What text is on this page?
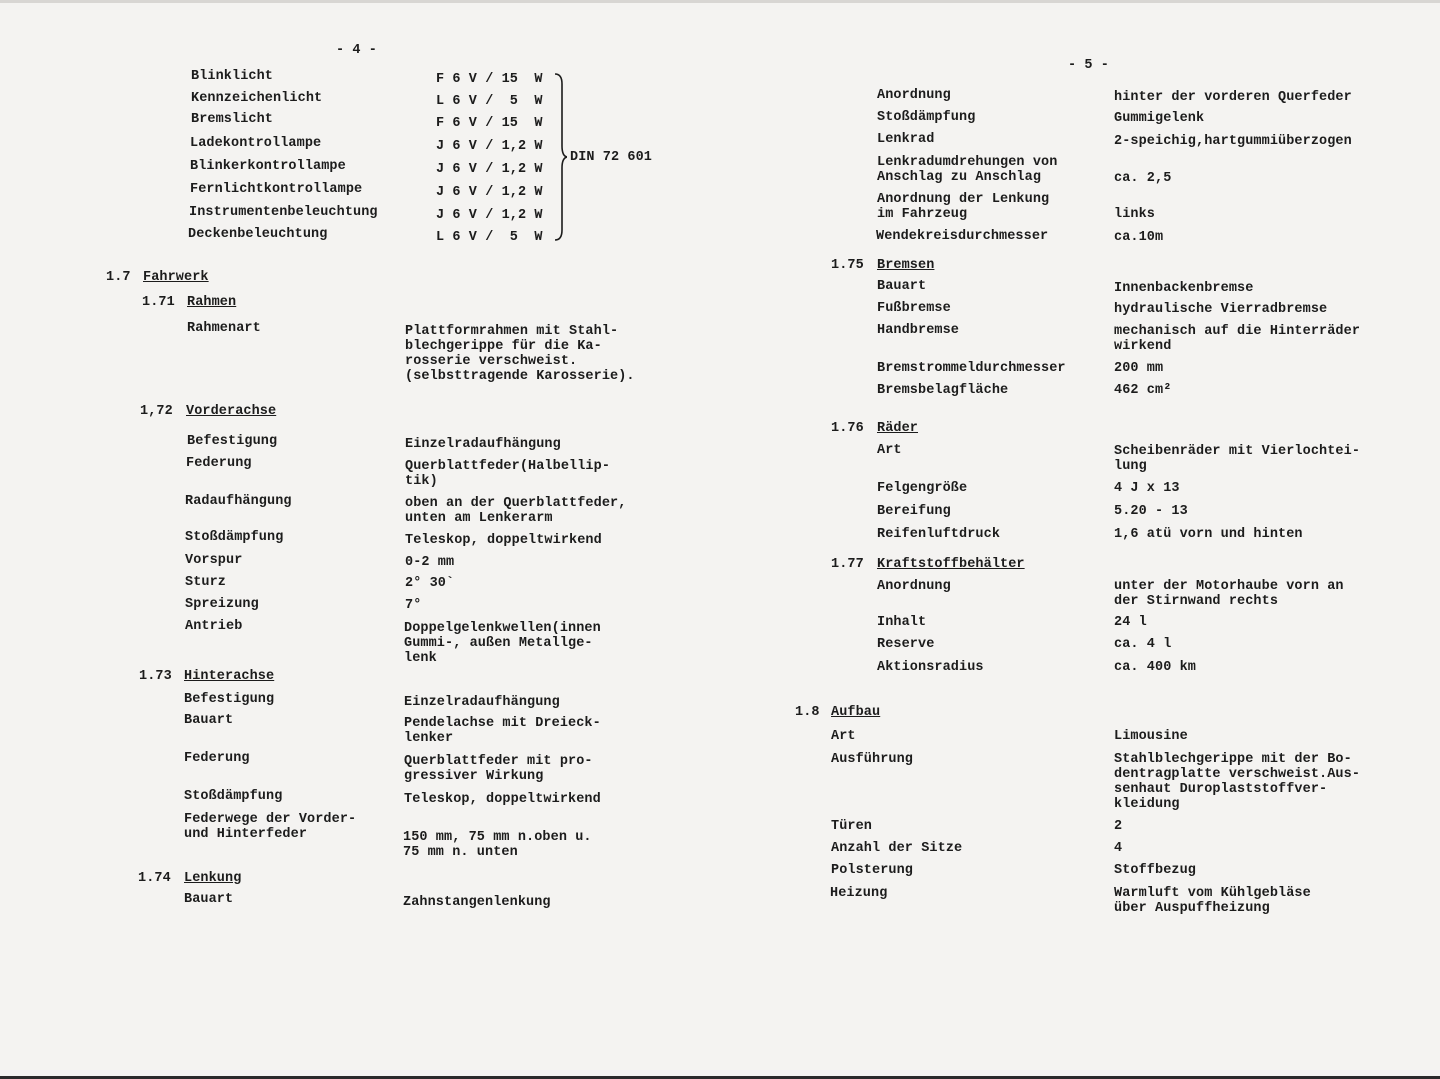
- 4 -
Blinklicht	F 6 V / 15  W
Kennzeichenlicht	L 6 V /  5  W
Bremslicht	F 6 V / 15  W
Ladekontrollampe	J 6 V / 1,2 W
Blinkerkontrollampe	J 6 V / 1,2 W
Fernlichtkontrollampe	J 6 V / 1,2 W
Instrumentenbeleuchtung	J 6 V / 1,2 W
Deckenbeleuchtung	L 6 V /  5  W
DIN 72 601
1.7 Fahrwerk
1.71 Rahmen
Rahmenart	Plattformrahmen mit Stahl-
blechgerippe für die Ka-
rosserie verschweist.
(selbsttragende Karosserie).
1,72 Vorderachse
Befestigung	Einzelradaufhängung
Federung	Querblattfeder(Halbellip-
tik)
Radaufhängung	oben an der Querblattfeder,
unten am Lenkerarm
Stoßdämpfung	Teleskop, doppeltwirkend
Vorspur	0-2 mm
Sturz	2° 30`
Spreizung	7°
Antrieb	Doppelgelenkwellen(innen
Gummi-, außen Metallge-
lenk
1.73 Hinterachse
Befestigung	Einzelradaufhängung
Bauart	Pendelachse mit Dreieck-
lenker
Federung	Querblattfeder mit pro-
gressiver Wirkung
Stoßdämpfung	Teleskop, doppeltwirkend
Federwege der Vorder-
und Hinterfeder	150 mm, 75 mm n.oben u.
75 mm n. unten
1.74 Lenkung
Bauart	Zahnstangenlenkung
- 5 -
Anordnung	hinter der vorderen Querfeder
Stoßdämpfung	Gummigelenk
Lenkrad	2-speichig,hartgummiüberzogen
Lenkradumdrehungen von
Anschlag zu Anschlag	ca. 2,5
Anordnung der Lenkung
im Fahrzeug	links
Wendekreisdurchmesser	ca.10m
1.75 Bremsen
Bauart	Innenbackenbremse
Fußbremse	hydraulische Vierradbremse
Handbremse	mechanisch auf die Hinterräder
wirkend
Bremstrommeldurchmesser	200 mm
Bremsbelagfläche	462 cm²
1.76 Räder
Art	Scheibenräder mit Vierlochtei-
lung
Felgengröße	4 J x 13
Bereifung	5.20 - 13
Reifenluftdruck	1,6 atü vorn und hinten
1.77 Kraftstoffbehälter
Anordnung	unter der Motorhaube vorn an
der Stirnwand rechts
Inhalt	24 l
Reserve	ca. 4 l
Aktionsradius	ca. 400 km
1.8 Aufbau
Art	Limousine
Ausführung	Stahlblechgerippe mit der Bo-
dentragplatte verschweist.Aus-
senhaut Duroplaststoffver-
kleidung
Türen	2
Anzahl der Sitze	4
Polsterung	Stoffbezug
Heizung	Warmluft vom Kühlgebläse
über Auspuffheizung
